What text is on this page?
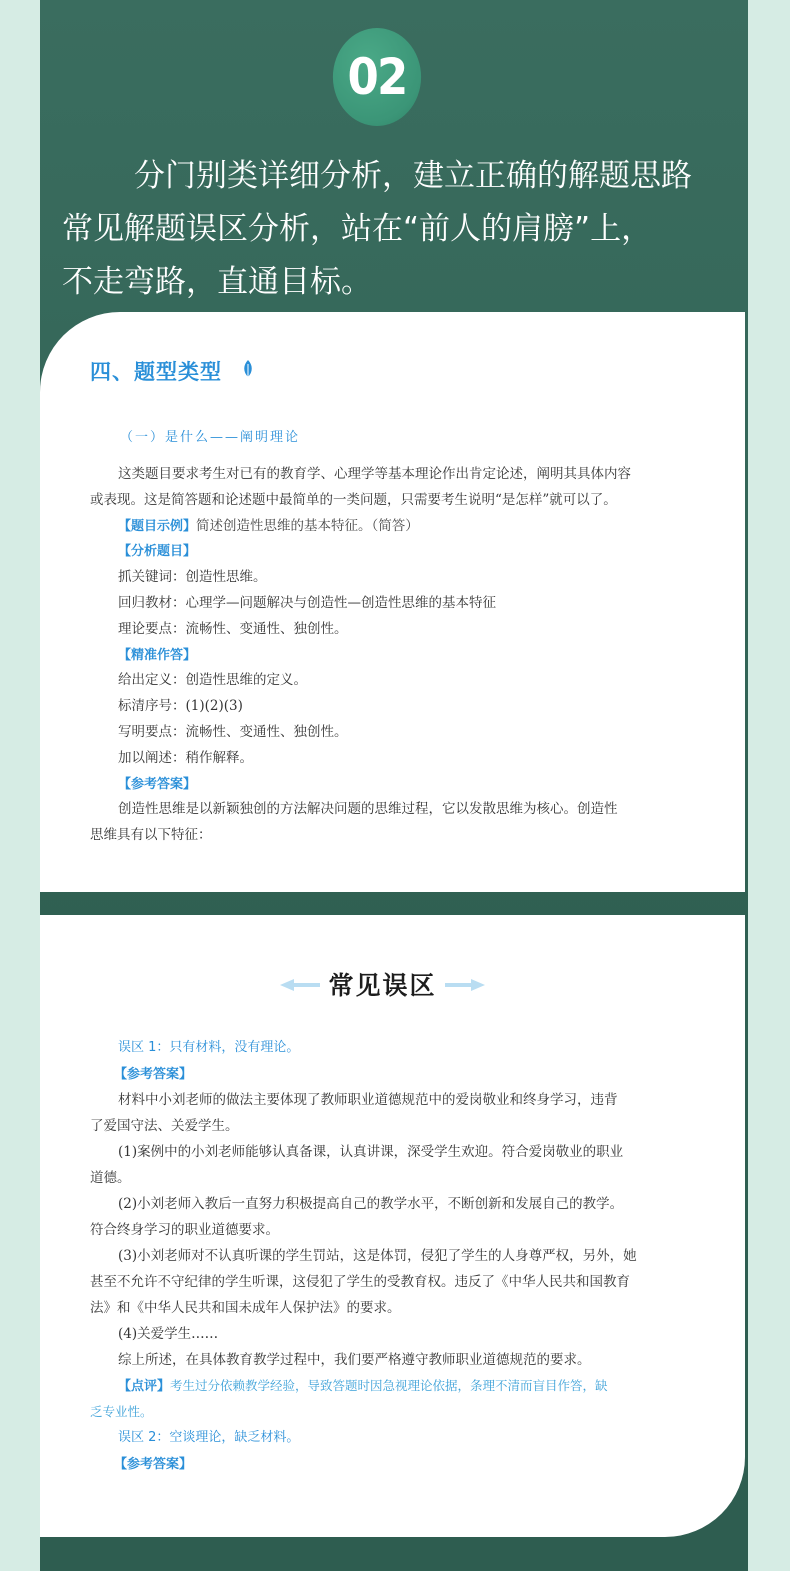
02
分门别类详细分析，建立正确的解题思路
常见解题误区分析，站在“前人的肩膀”上，
不走弯路，直通目标。
四、题型类型
（一）是什么——阐明理论
这类题目要求考生对已有的教育学、心理学等基本理论作出肯定论述，阐明其具体内容
或表现。这是简答题和论述题中最简单的一类问题，只需要考生说明“是怎样”就可以了。
【题目示例】简述创造性思维的基本特征。（简答）
【分析题目】
抓关键词：创造性思维。
回归教材：心理学—问题解决与创造性—创造性思维的基本特征
理论要点：流畅性、变通性、独创性。
【精准作答】
给出定义：创造性思维的定义。
标清序号：(1)(2)(3)
写明要点：流畅性、变通性、独创性。
加以阐述：稍作解释。
【参考答案】
创造性思维是以新颖独创的方法解决问题的思维过程，它以发散思维为核心。创造性
思维具有以下特征：
常见误区
误区 1：只有材料，没有理论。
【参考答案】
材料中小刘老师的做法主要体现了教师职业道德规范中的爱岗敬业和终身学习，违背
了爱国守法、关爱学生。
(1)案例中的小刘老师能够认真备课，认真讲课，深受学生欢迎。符合爱岗敬业的职业
道德。
(2)小刘老师入教后一直努力积极提高自己的教学水平，不断创新和发展自己的教学。
符合终身学习的职业道德要求。
(3)小刘老师对不认真听课的学生罚站，这是体罚，侵犯了学生的人身尊严权，另外，她
甚至不允许不守纪律的学生听课，这侵犯了学生的受教育权。违反了《中华人民共和国教育
法》和《中华人民共和国未成年人保护法》的要求。
(4)关爱学生……
综上所述，在具体教育教学过程中，我们要严格遵守教师职业道德规范的要求。
【点评】考生过分依赖教学经验，导致答题时因急视理论依据，条理不清而盲目作答，缺
乏专业性。
误区 2：空谈理论，缺乏材料。
【参考答案】
